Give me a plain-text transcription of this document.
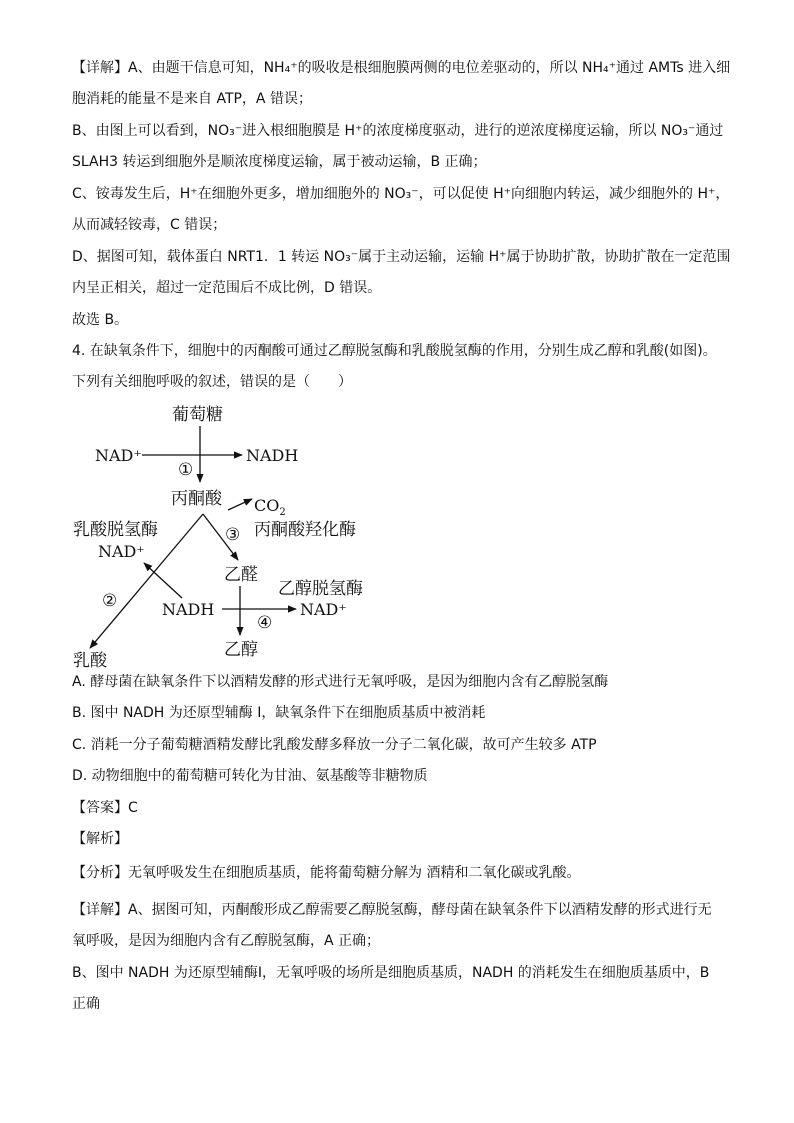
【详解】A、由题干信息可知，NH₄⁺的吸收是根细胞膜两侧的电位差驱动的，所以 NH₄⁺通过 AMTs 进入细
胞消耗的能量不是来自 ATP，A 错误；
B、由图上可以看到，NO₃⁻进入根细胞膜是 H⁺的浓度梯度驱动，进行的逆浓度梯度运输，所以 NO₃⁻通过
SLAH3 转运到细胞外是顺浓度梯度运输，属于被动运输，B 正确；
C、铵毒发生后，H⁺在细胞外更多，增加细胞外的 NO₃⁻，可以促使 H⁺向细胞内转运，减少细胞外的 H⁺，
从而减轻铵毒，C 错误；
D、据图可知，载体蛋白 NRT1．1 转运 NO₃⁻属于主动运输，运输 H⁺属于协助扩散，协助扩散在一定范围
内呈正相关，超过一定范围后不成比例，D 错误。
故选 B。
4. 在缺氧条件下，细胞中的丙酮酸可通过乙醇脱氢酶和乳酸脱氢酶的作用，分别生成乙醇和乳酸(如图)。
下列有关细胞呼吸的叙述，错误的是（　　）
A. 酵母菌在缺氧条件下以酒精发酵的形式进行无氧呼吸，是因为细胞内含有乙醇脱氢酶
B. 图中 NADH 为还原型辅酶 I，缺氧条件下在细胞质基质中被消耗
C. 消耗一分子葡萄糖酒精发酵比乳酸发酵多释放一分子二氧化碳，故可产生较多 ATP
D. 动物细胞中的葡萄糖可转化为甘油、氨基酸等非糖物质
【答案】C
【解析】
【分析】无氧呼吸发生在细胞质基质，能将葡萄糖分解为 酒精和二氧化碳或乳酸。
【详解】A、据图可知，丙酮酸形成乙醇需要乙醇脱氢酶，酵母菌在缺氧条件下以酒精发酵的形式进行无
氧呼吸，是因为细胞内含有乙醇脱氢酶，A 正确；
B、图中 NADH 为还原型辅酶Ⅰ，无氧呼吸的场所是细胞质基质，NADH 的消耗发生在细胞质基质中，B
正确
葡萄糖
NAD⁺	NADH
①
丙酮酸 $CO_2$
乳酸脱氢酶
NAD⁺
②
乳酸
③ 丙酮酸羟化酶
乙醛
乙醇脱氢酶
NADH	NAD⁺
④
乙醇
